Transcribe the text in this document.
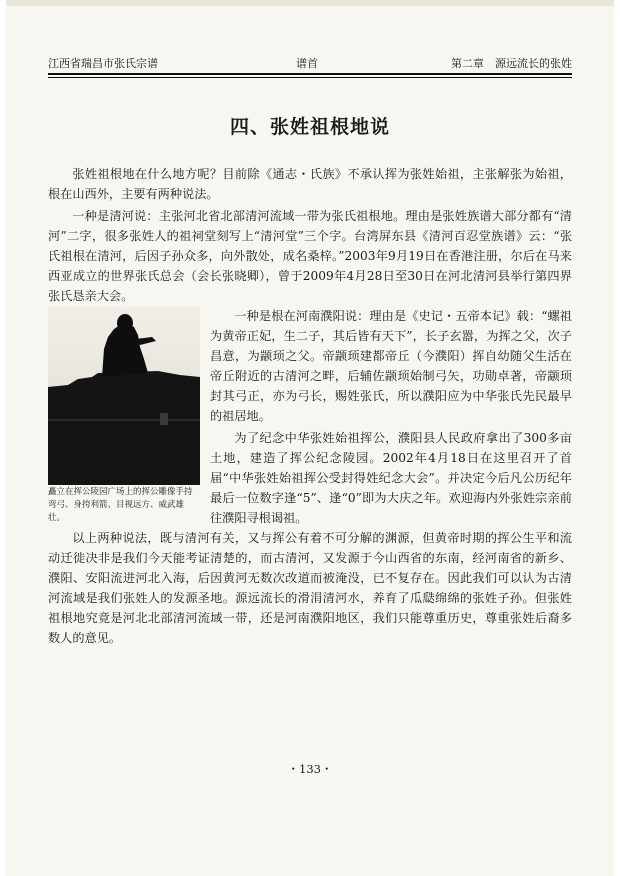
江西省瑞昌市张氏宗谱	谱首	第二章　源远流长的张姓
四、张姓祖根地说

张姓祖根地在什么地方呢？目前除《通志・氏族》不承认挥为张姓始祖，主张解张为始祖，根在山西外，主要有两种说法。

一种是清河说：主张河北省北部清河流域一带为张氏祖根地。理由是张姓族谱大部分都有“清河”二字，很多张姓人的祖祠堂刻写上“清河堂”三个字。台湾屏东县《清河百忍堂族谱》云：“张氏祖根在清河，后因子孙众多，向外散处，成名桑梓。”2003年9月19日在香港注册，尔后在马来西亚成立的世界张氏总会（会长张晓卿），曾于2009年4月28日至30日在河北清河县举行第四界张氏恳亲大会。

矗立在挥公陵园广场上的挥公雕像手持弯弓、身挎利箭、目视远方、威武雄壮。

一种是根在河南濮阳说：理由是《史记・五帝本记》载：“螺祖为黄帝正妃，生二子，其后皆有天下”，长子玄嚣，为挥之父，次子昌意，为颛顼之父。帝颛顼建都帝丘（今濮阳）挥自幼随父生活在帝丘附近的古清河之畔，后辅佐颛顼始制弓矢，功勋卓著，帝颛顼封其弓正，亦为弓长，赐姓张氏，所以濮阳应为中华张氏先民最早的祖居地。

为了纪念中华张姓始祖挥公，濮阳县人民政府拿出了300多亩土地，建造了挥公纪念陵园。2002年4月18日在这里召开了首届“中华张姓始祖挥公受封得姓纪念大会”。并决定今后凡公历纪年最后一位数字逢“5”、逢“0”即为大庆之年。欢迎海内外张姓宗亲前往濮阳寻根谒祖。

以上两种说法，既与清河有关，又与挥公有着不可分解的渊源，但黄帝时期的挥公生平和流动迁徙决非是我们今天能考证清楚的，而古清河，又发源于今山西省的东南，经河南省的新乡、濮阳、安阳流进河北入海，后因黄河无数次改道而被淹没，已不复存在。因此我们可以认为古清河流域是我们张姓人的发源圣地。源远流长的滑涓清河水，养育了瓜瓞绵绵的张姓子孙。但张姓祖根地究竟是河北北部清河流域一带，还是河南濮阳地区，我们只能尊重历史，尊重张姓后裔多数人的意见。

・133・
